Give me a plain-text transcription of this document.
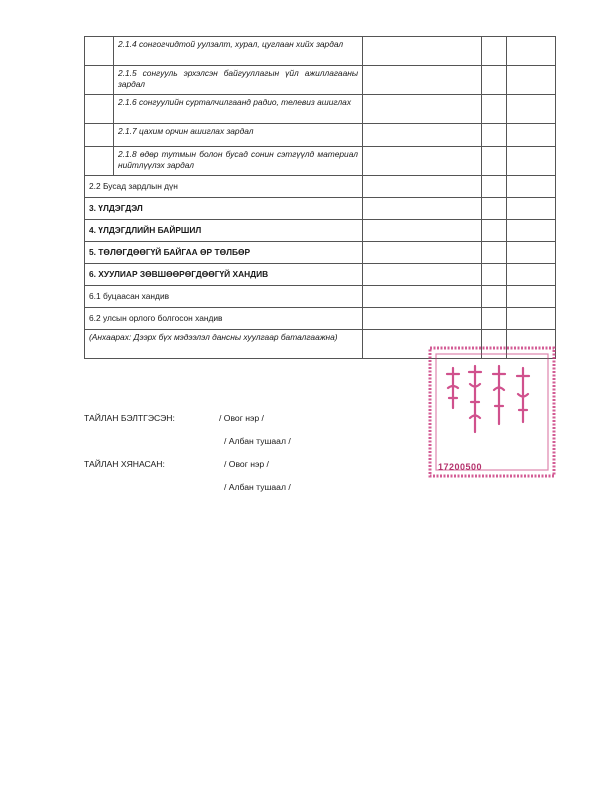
	2.1.4 сонгогчидтой уулзалт, хурал, цуглаан хийх зардал			
	2.1.5 сонгууль эрхэлсэн байгууллагын үйл ажиллагааны зардал			
	2.1.6 сонгуулийн сурталчилгаанд радио, телевиз ашиглах			
	2.1.7 цахим орчин ашиглах зардал			
	2.1.8 өдөр тутмын болон бусад сонин сэтгүүлд материал нийтлүүлэх зардал			
2.2 Бусад зардлын дүн				
3. ҮЛДЭГДЭЛ				
4. ҮЛДЭГДЛИЙН БАЙРШИЛ				
5. ТӨЛӨГДӨӨГҮЙ БАЙГАА ӨР ТӨЛБӨР				
6. ХУУЛИАР ЗӨВШӨӨРӨГДӨӨГҮЙ ХАНДИВ				
6.1 буцаасан хандив				
6.2 улсын орлого болгосон хандив				
(Анхаарах: Дээрх бүх мэдээлэл дансны хуулгаар баталгаажна)				
ТАЙЛАН БЭЛТГЭСЭН:	/ Овог нэр /
/ Албан тушаал /
ТАЙЛАН ХЯНАСАН:	/ Овог нэр /
/ Албан тушаал /
17200500
